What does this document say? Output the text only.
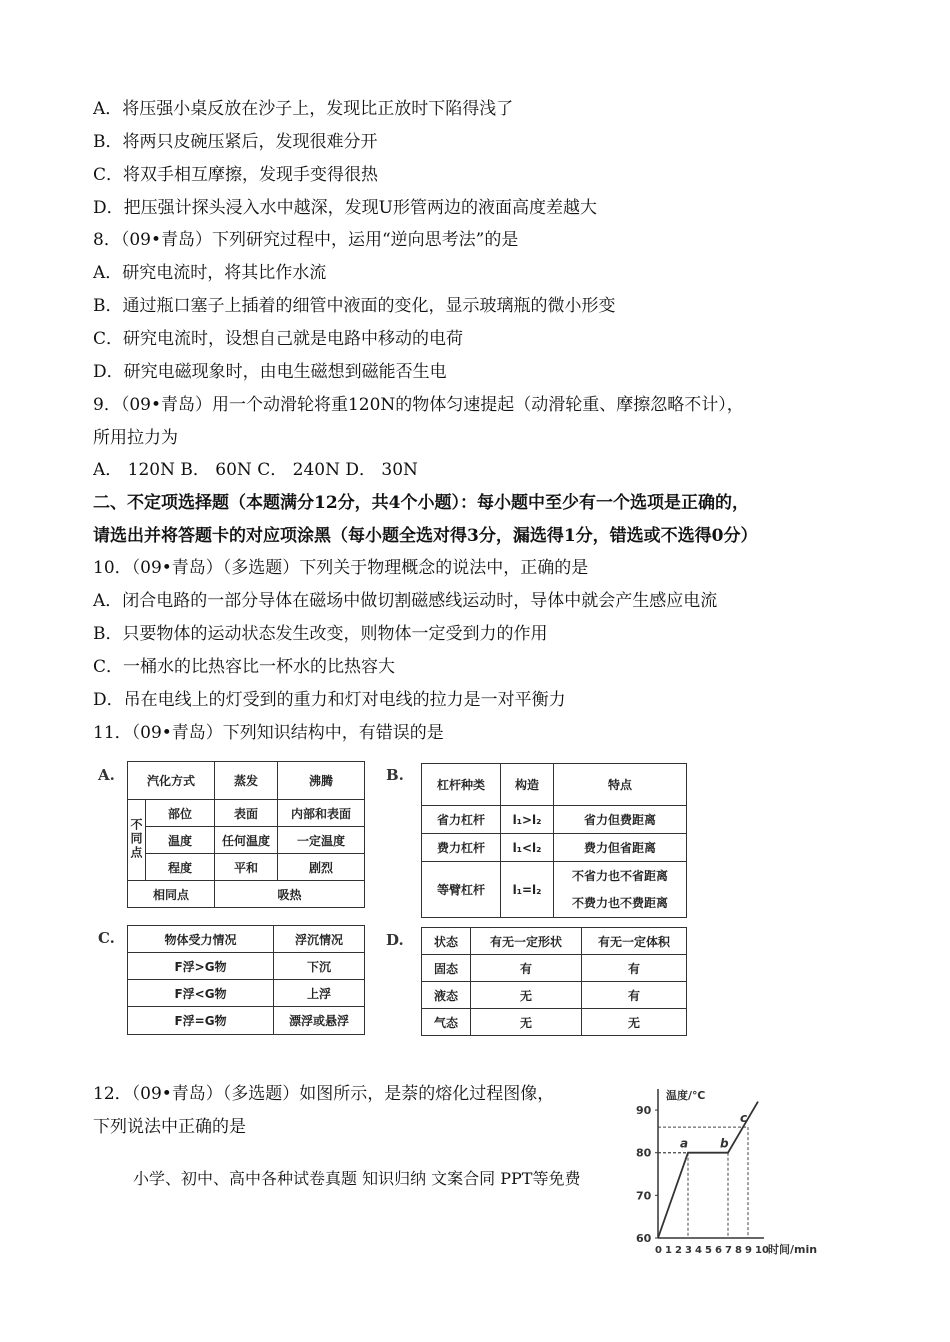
A．将压强小桌反放在沙子上，发现比正放时下陷得浅了
B．将两只皮碗压紧后，发现很难分开
C．将双手相互摩擦，发现手变得很热
D．把压强计探头浸入水中越深，发现U形管两边的液面高度差越大
8．（09•青岛）下列研究过程中，运用“逆向思考法”的是
A．研究电流时，将其比作水流
B．通过瓶口塞子上插着的细管中液面的变化，显示玻璃瓶的微小形变
C．研究电流时，设想自己就是电路中移动的电荷
D．研究电磁现象时，由电生磁想到磁能否生电
9．（09•青岛）用一个动滑轮将重120N的物体匀速提起（动滑轮重、摩擦忽略不计），
所用拉力为
A． 120N B． 60N C． 240N D． 30N
二、不定项选择题（本题满分12分，共4个小题）：每小题中至少有一个选项是正确的，
请选出并将答题卡的对应项涂黑（每小题全选对得3分，漏选得1分，错选或不选得0分）
10．（09•青岛）（多选题）下列关于物理概念的说法中，正确的是
A．闭合电路的一部分导体在磁场中做切割磁感线运动时，导体中就会产生感应电流
B．只要物体的运动状态发生改变，则物体一定受到力的作用
C．一桶水的比热容比一杯水的比热容大
D．吊在电线上的灯受到的重力和灯对电线的拉力是一对平衡力
11．（09•青岛）下列知识结构中，有错误的是
A.	汽化方式		蒸发	沸腾
不同点	部位	表面	内部和表面
	温度	任何温度	一定温度
	程度	平和	剧烈
相同点		吸热	
B.
杠杆种类	构造	特点
省力杠杆	l₁>l₂	省力但费距离
费力杠杆	l₁<l₂	费力但省距离
等臂杠杆	l₁=l₂	不省力也不省距离
不费力也不费距离
C.	物体受力情况	浮沉情况
F浮>G物	下沉
F浮<G物	上浮
F浮=G物	漂浮或悬浮
D.	状态	有无一定形状	有无一定体积
固态	有	有
液态	无	有
气态	无	无
12．（09•青岛）（多选题）如图所示，是萘的熔化过程图像，
下列说法中正确的是
小学、初中、高中各种试卷真题 知识归纳 文案合同 PPT等免费
60
70
80
90
0 1 2 3 4 5 6 7 8 9 10 时间/min
温度/℃
a	b
c
